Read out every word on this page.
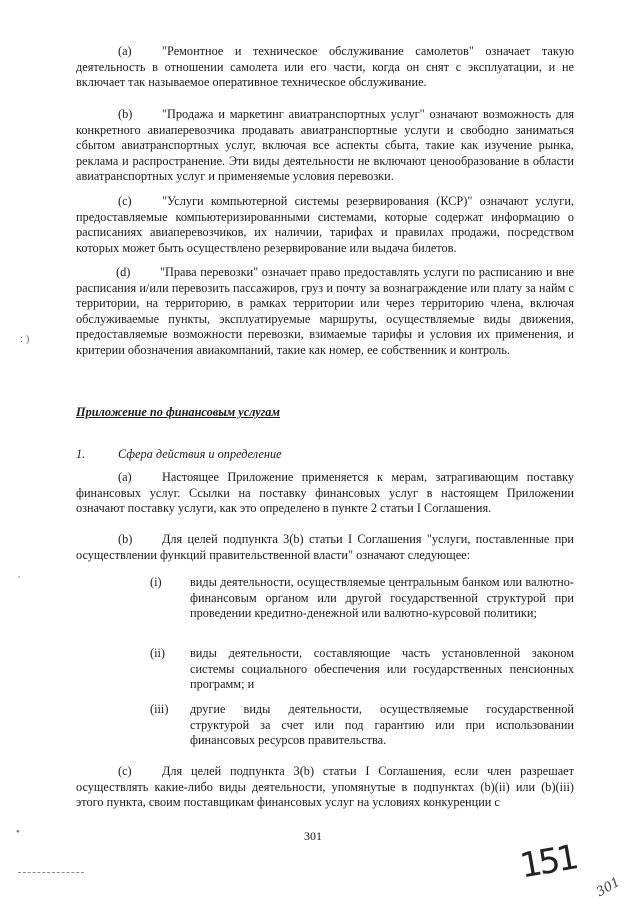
(a) "Ремонтное и техническое обслуживание самолетов" означает такую деятельность в отношении самолета или его части, когда он снят с эксплуатации, и не включает так называемое оперативное техническое обслуживание.
(b) "Продажа и маркетинг авиатранспортных услуг" означают возможность для конкретного авиаперевозчика продавать авиатранспортные услуги и свободно заниматься сбытом авиатранспортных услуг, включая все аспекты сбыта, такие как изучение рынка, реклама и распространение. Эти виды деятельности не включают ценообразование в области авиатранспортных услуг и применяемые условия перевозки.
(c) "Услуги компьютерной системы резервирования (КСР)" означают услуги, предоставляемые компьютеризированными системами, которые содержат информацию о расписаниях авиаперевозчиков, их наличии, тарифах и правилах продажи, посредством которых может быть осуществлено резервирование или выдача билетов.
(d) "Права перевозки" означает право предоставлять услуги по расписанию и вне расписания и/или перевозить пассажиров, груз и почту за вознаграждение или плату за найм с территории, на территорию, в рамках территории или через территорию члена, включая обслуживаемые пункты, эксплуатируемые маршруты, осуществляемые виды движения, предоставляемые возможности перевозки, взимаемые тарифы и условия их применения, и критерии обозначения авиакомпаний, такие как номер, ее собственник и контроль.
Приложение по финансовым услугам
1.	Сфера действия и определение
(a) Настоящее Приложение применяется к мерам, затрагивающим поставку финансовых услуг. Ссылки на поставку финансовых услуг в настоящем Приложении означают поставку услуги, как это определено в пункте 2 статьи I Соглашения.
(b) Для целей подпункта 3(b) статьи I Соглашения "услуги, поставленные при осуществлении функций правительственной власти" означают следующее:
(i) виды деятельности, осуществляемые центральным банком или валютно-финансовым органом или другой государственной структурой при проведении кредитно-денежной или валютно-курсовой политики;
(ii) виды деятельности, составляющие часть установленной законом системы социального обеспечения или государственных пенсионных программ; и
(iii) другие виды деятельности, осуществляемые государственной структурой за счет или под гарантию или при использовании финансовых ресурсов правительства.
(c) Для целей подпункта 3(b) статьи I Соглашения, если член разрешает осуществлять какие-либо виды деятельности, упомянутые в подпунктах (b)(ii) или (b)(iii) этого пункта, своим поставщикам финансовых услуг на условиях конкуренции с
301
151
301
: )
'
•
